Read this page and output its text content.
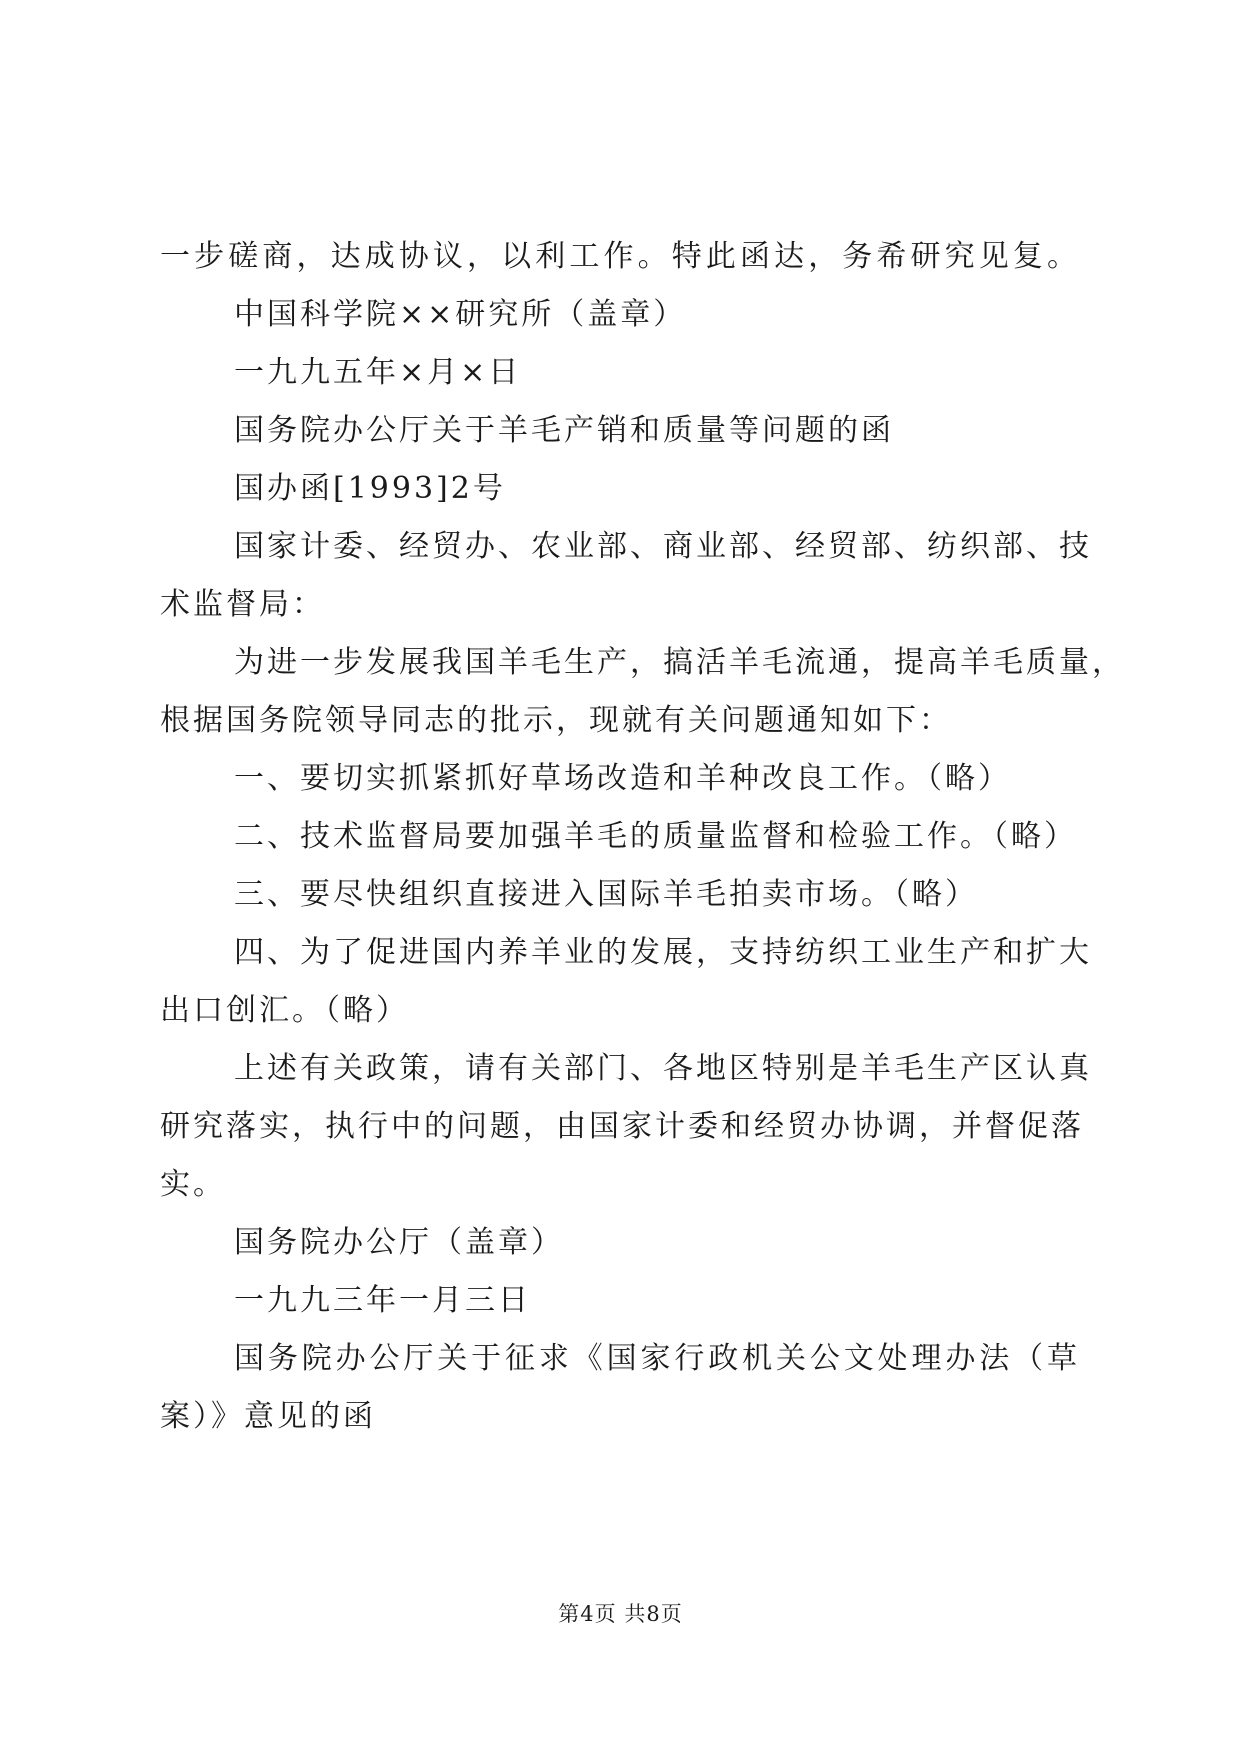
一步磋商，达成协议，以利工作。特此函达，务希研究见复。
中国科学院××研究所（盖章）
一九九五年×月×日
国务院办公厅关于羊毛产销和质量等问题的函
国办函[1993]2号
国家计委、经贸办、农业部、商业部、经贸部、纺织部、技
术监督局：
为进一步发展我国羊毛生产，搞活羊毛流通，提高羊毛质量，
根据国务院领导同志的批示，现就有关问题通知如下：
一、要切实抓紧抓好草场改造和羊种改良工作。（略）
二、技术监督局要加强羊毛的质量监督和检验工作。（略）
三、要尽快组织直接进入国际羊毛拍卖市场。（略）
四、为了促进国内养羊业的发展，支持纺织工业生产和扩大
出口创汇。（略）
上述有关政策，请有关部门、各地区特别是羊毛生产区认真
研究落实，执行中的问题，由国家计委和经贸办协调，并督促落
实。
国务院办公厅（盖章）
一九九三年一月三日
国务院办公厅关于征求《国家行政机关公文处理办法（草
案）》意见的函
第4页 共8页
